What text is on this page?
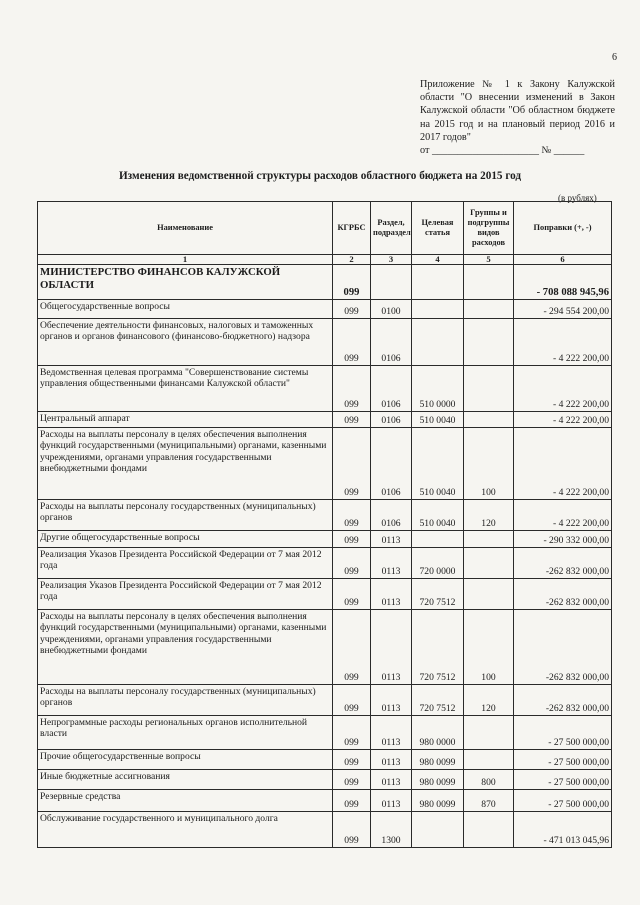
6
Приложение № 1 к Закону Калужской области "О внесении изменений в Закон Калужской области "Об областном бюджете на 2015 год и на плановый период 2016 и 2017 годов"
от _____________________ № ______
Изменения ведомственной структуры расходов областного бюджета на 2015 год
(в рублях)
Наименование	КГРБС	Раздел, подраздел	Целевая статья	Группы и подгруппы видов расходов	Поправки (+, -)
1	2	3	4	5	6
МИНИСТЕРСТВО ФИНАНСОВ КАЛУЖСКОЙ ОБЛАСТИ	099				- 708 088 945,96
Общегосударственные вопросы	099	0100			- 294 554 200,00
Обеспечение деятельности финансовых, налоговых и таможенных органов и органов финансового (финансово-бюджетного) надзора	099	0106			- 4 222 200,00
Ведомственная целевая программа "Совершенствование системы управления общественными финансами Калужской области"	099	0106	510 0000		- 4 222 200,00
Центральный аппарат	099	0106	510 0040		- 4 222 200,00
Расходы на выплаты персоналу в целях обеспечения выполнения функций государственными (муниципальными) органами, казенными учреждениями, органами управления государственными внебюджетными фондами	099	0106	510 0040	100	- 4 222 200,00
Расходы на выплаты персоналу государственных (муниципальных) органов	099	0106	510 0040	120	- 4 222 200,00
Другие общегосударственные вопросы	099	0113			- 290 332 000,00
Реализация Указов Президента Российской Федерации от 7 мая 2012 года	099	0113	720 0000		-262 832 000,00
Реализация Указов Президента Российской Федерации от 7 мая 2012 года	099	0113	720 7512		-262 832 000,00
Расходы на выплаты персоналу в целях обеспечения выполнения функций государственными (муниципальными) органами, казенными учреждениями, органами управления государственными внебюджетными фондами	099	0113	720 7512	100	-262 832 000,00
Расходы на выплаты персоналу государственных (муниципальных) органов	099	0113	720 7512	120	-262 832 000,00
Непрограммные расходы региональных органов исполнительной власти	099	0113	980 0000		- 27 500 000,00
Прочие общегосударственные вопросы	099	0113	980 0099		- 27 500 000,00
Иные бюджетные ассигнования	099	0113	980 0099	800	- 27 500 000,00
Резервные средства	099	0113	980 0099	870	- 27 500 000,00
Обслуживание государственного и муниципального долга	099	1300			- 471 013 045,96
